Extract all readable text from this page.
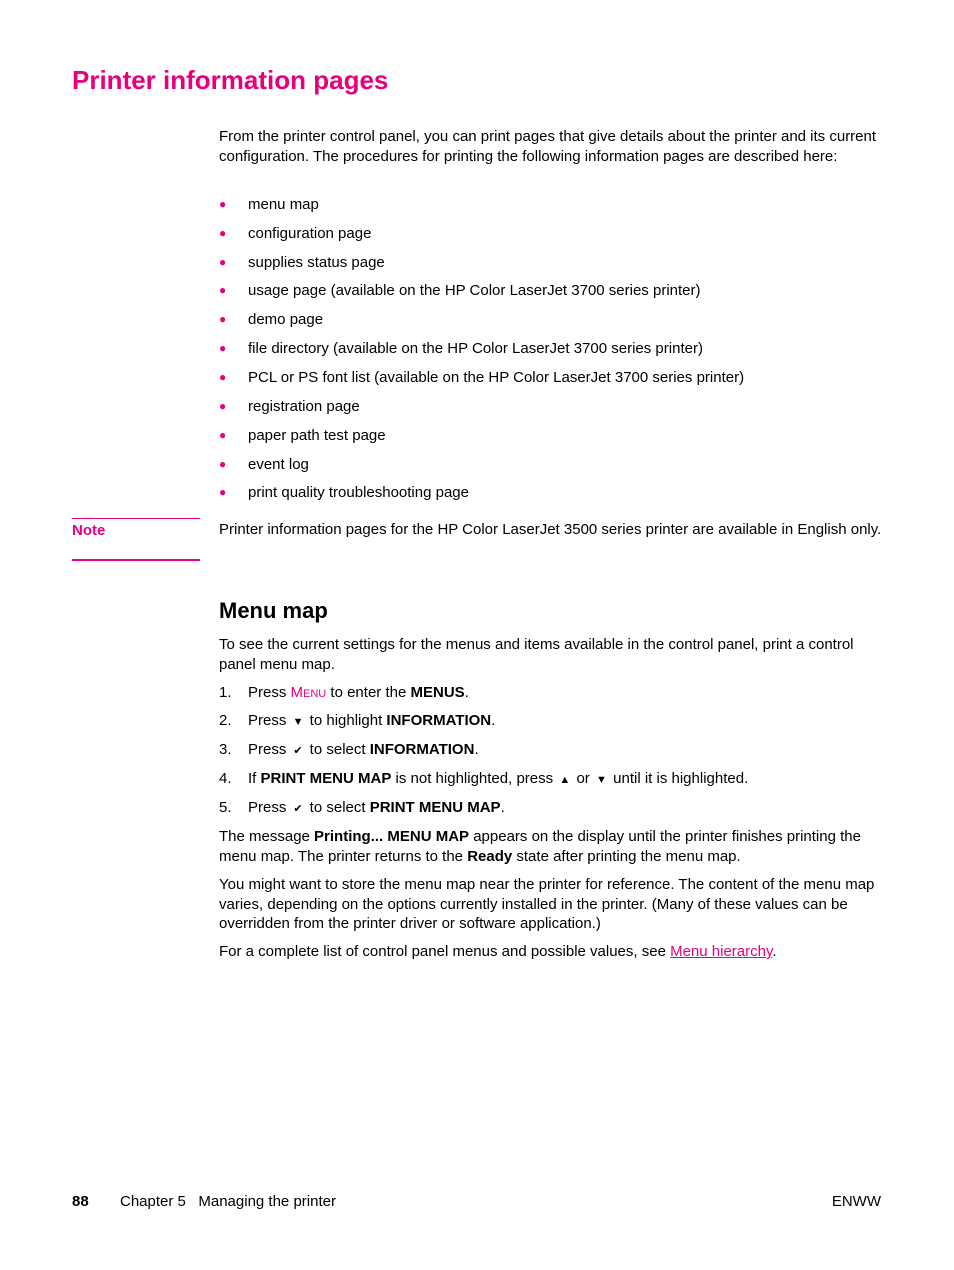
Printer information pages

From the printer control panel, you can print pages that give details about the printer and its current configuration. The procedures for printing the following information pages are described here:

●	menu map
●	configuration page
●	supplies status page
●	usage page (available on the HP Color LaserJet 3700 series printer)
●	demo page
●	file directory (available on the HP Color LaserJet 3700 series printer)
●	PCL or PS font list (available on the HP Color LaserJet 3700 series printer)
●	registration page
●	paper path test page
●	event log
●	print quality troubleshooting page
Note	Printer information pages for the HP Color LaserJet 3500 series printer are available in English only.

Menu map

To see the current settings for the menus and items available in the control panel, print a control panel menu map.

1. Press Menu to enter the MENUS.
2. Press ▼ to highlight INFORMATION.
3. Press ✔ to select INFORMATION.
4. If PRINT MENU MAP is not highlighted, press ▲ or ▼ until it is highlighted.
5. Press ✔ to select PRINT MENU MAP.

The message Printing... MENU MAP appears on the display until the printer finishes printing the menu map. The printer returns to the Ready state after printing the menu map.

You might want to store the menu map near the printer for reference. The content of the menu map varies, depending on the options currently installed in the printer. (Many of these values can be overridden from the printer driver or software application.)

For a complete list of control panel menus and possible values, see Menu hierarchy.

88 Chapter 5   Managing the printer	ENWW
